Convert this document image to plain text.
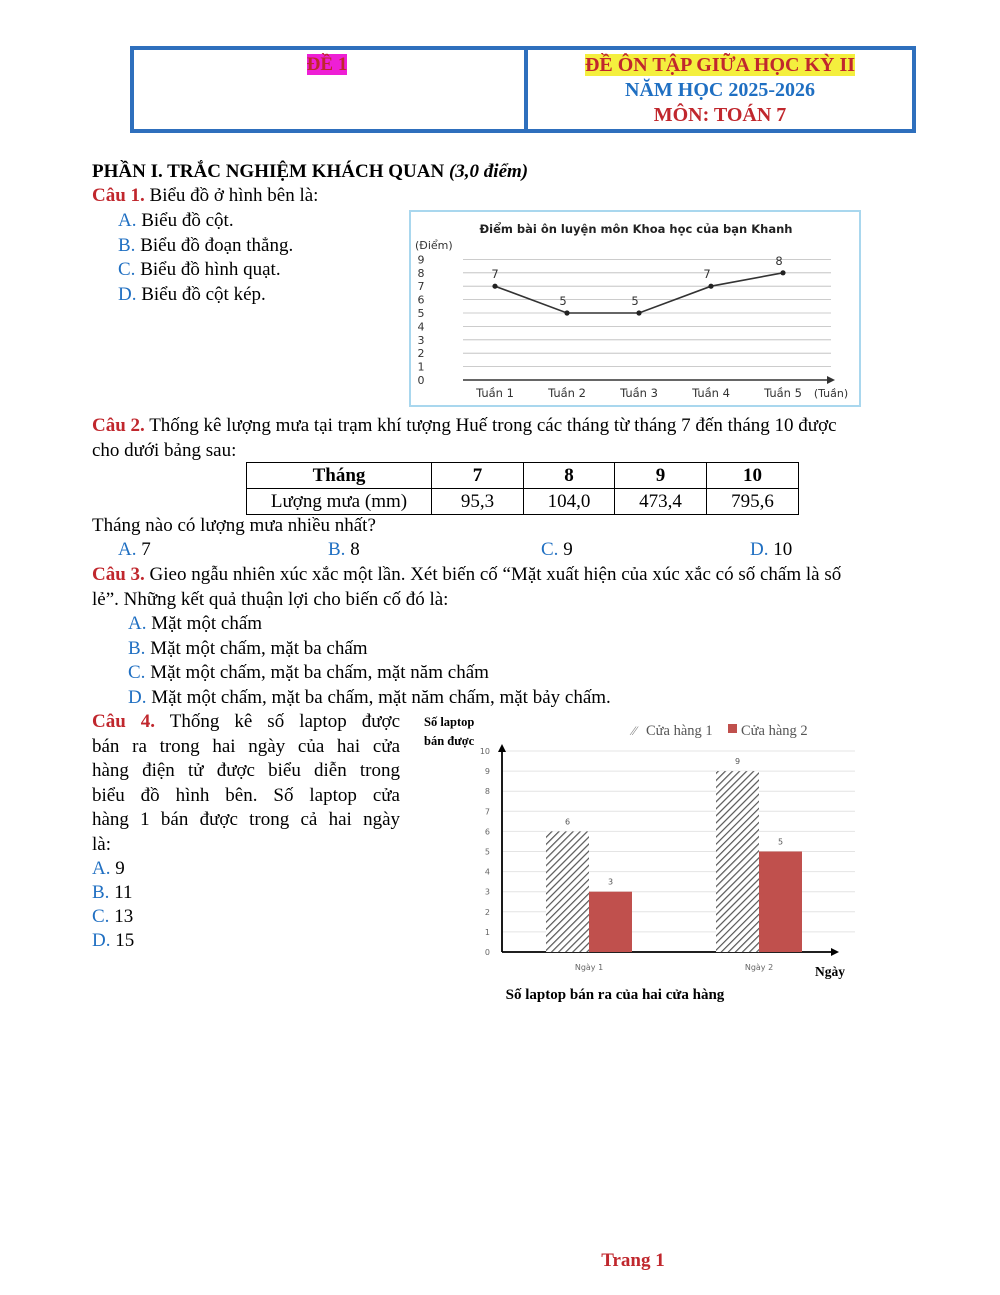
ĐỀ 1	ĐỀ ÔN TẬP GIỮA HỌC KỲ II
NĂM HỌC 2025-2026
MÔN: TOÁN 7
PHẦN I. TRẮC NGHIỆM KHÁCH QUAN (3,0 điểm)
Câu 1. Biểu đồ ở hình bên là:
A. Biểu đồ cột.
B. Biểu đồ đoạn thẳng.
C. Biểu đồ hình quạt.
D. Biểu đồ cột kép.
Điểm bài ôn luyện môn Khoa học của bạn Khanh
(Điểm)
0
1
2
3
4
5
6
7
8
9
Tuần 1	Tuần 2	Tuần 3	Tuần 4	Tuần 5 (Tuần)
7
5	5
7
8
Câu 2. Thống kê lượng mưa tại trạm khí tượng Huế trong các tháng từ tháng 7 đến tháng 10 được
cho dưới bảng sau:
Tháng	7	8	9	10
Lượng mưa (mm)	95,3	104,0	473,4	795,6
Tháng nào có lượng mưa nhiều nhất?
A. 7	B. 8	C. 9	D. 10
Câu 3. Gieo ngẫu nhiên xúc xắc một lần. Xét biến cố “Mặt xuất hiện của xúc xắc có số chấm là số
lẻ”. Những kết quả thuận lợi cho biến cố đó là:
A. Mặt một chấm
B. Mặt một chấm, mặt ba chấm
C. Mặt một chấm, mặt ba chấm, mặt năm chấm
D. Mặt một chấm, mặt ba chấm, mặt năm chấm, mặt bảy chấm.
Câu 4. Thống kê số laptop được
bán ra trong hai ngày của hai cửa
hàng điện tử được biểu diễn trong
biểu đồ hình bên. Số laptop cửa
hàng 1 bán được trong cả hai ngày
là:
A. 9
B. 11
C. 13
D. 15
Số laptop
bán được
⁄⁄ Cửa hàng 1 Cửa hàng 2
0
1
2
3
4
5
6
7
8
9
10
6
3
Ngày 1
9
5
Ngày 2	Ngày
Số laptop bán ra của hai cửa hàng
Trang 1
